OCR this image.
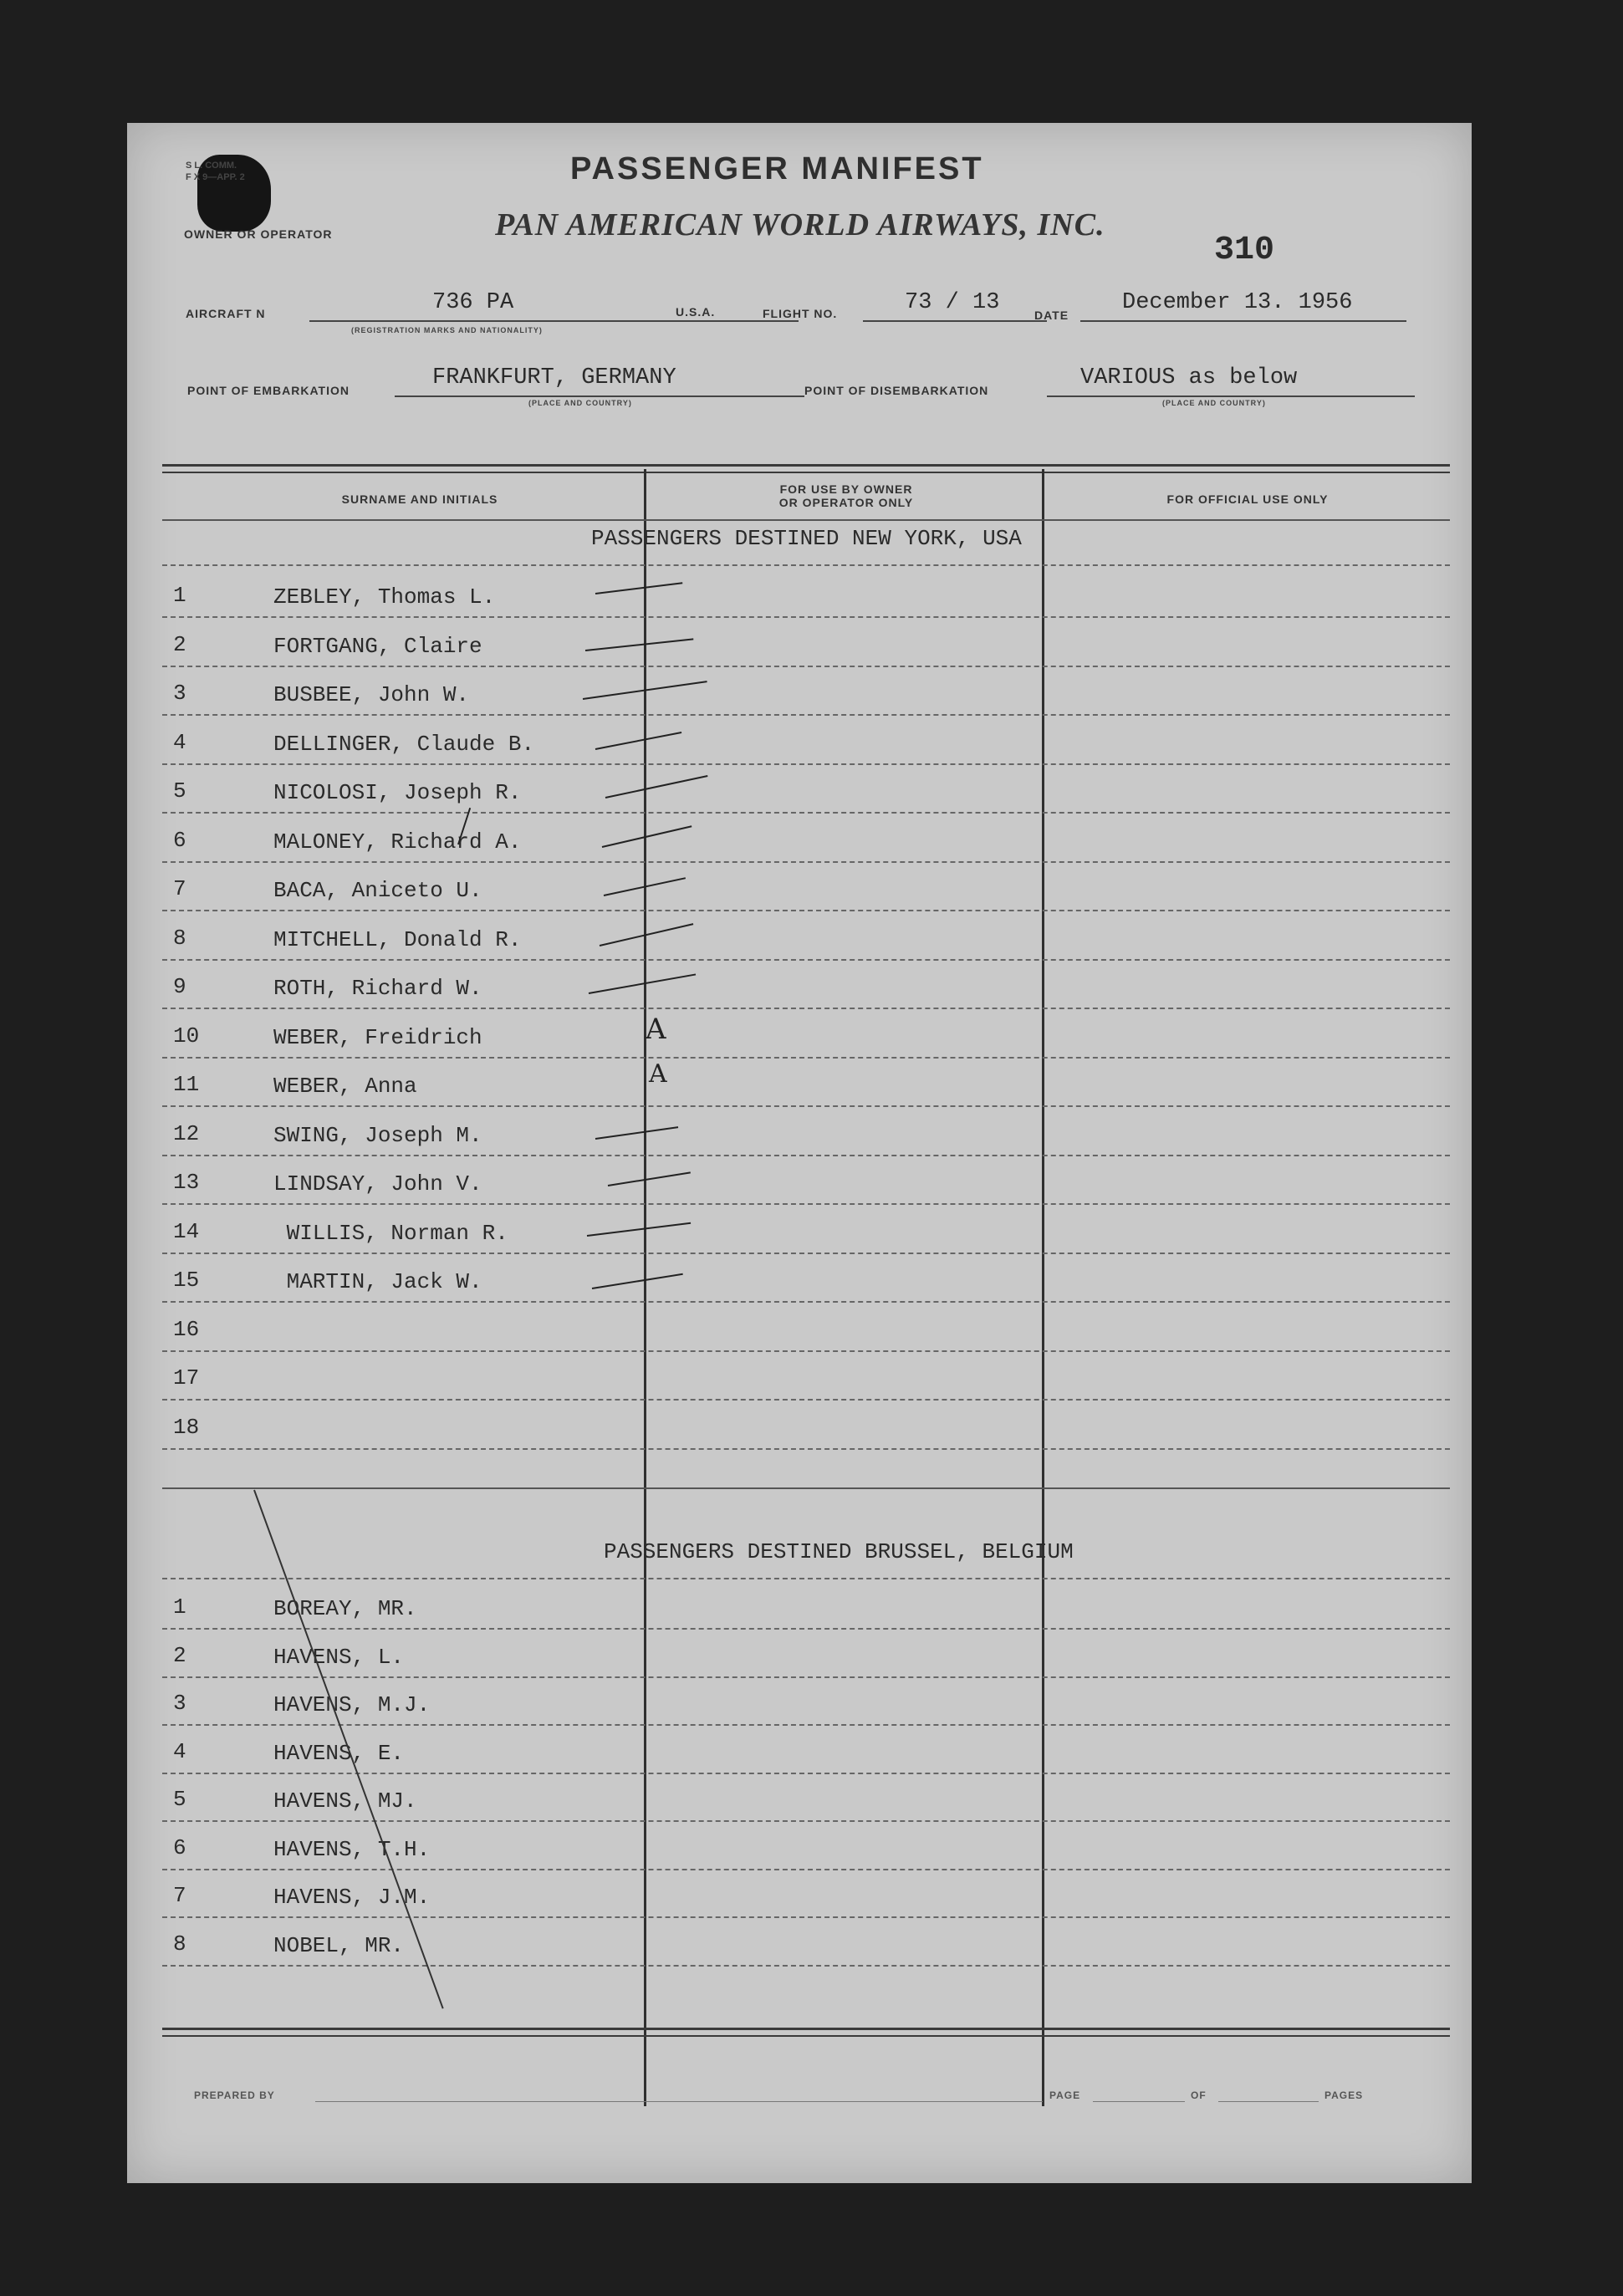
S L. COMM.
F X 9—APP. 2	PASSENGER MANIFEST
OWNER OR OPERATOR	PAN AMERICAN WORLD AIRWAYS, INC.
310
AIRCRAFT N	736 PA
(REGISTRATION MARKS AND NATIONALITY)
U.S.A.	FLIGHT NO.	73 / 13	DATE December 13. 1956
POINT OF EMBARKATION	FRANKFURT, GERMANY
(PLACE AND COUNTRY)
POINT OF DISEMBARKATION	VARIOUS as below
(PLACE AND COUNTRY)
SURNAME AND INITIALS
FOR USE BY OWNER
OR OPERATOR ONLY	FOR OFFICIAL USE ONLY
PASSENGERS DESTINED NEW YORK, USA
1	ZEBLEY, Thomas L.
2	FORTGANG, Claire
3	BUSBEE, John W.
4	DELLINGER, Claude B.
5	NICOLOSI, Joseph R.
6	MALONEY, Richard A.
7	BACA, Aniceto U.
8	MITCHELL, Donald R.
9	ROTH, Richard W.
10	WEBER, Freidrich
11	WEBER, Anna
12	SWING, Joseph M.
13	LINDSAY, John V.
14	WILLIS, Norman R.
15	MARTIN, Jack W.
16
17
18
A
A
PASSENGERS DESTINED BRUSSEL, BELGIUM
1	BOREAY, MR.
2	HAVENS, L.
3	HAVENS, M.J.
4	HAVENS, E.
5	HAVENS, MJ.
6	HAVENS, T.H.
7	HAVENS, J.M.
8	NOBEL, MR.
PREPARED BY	PAGE	OF	PAGES
